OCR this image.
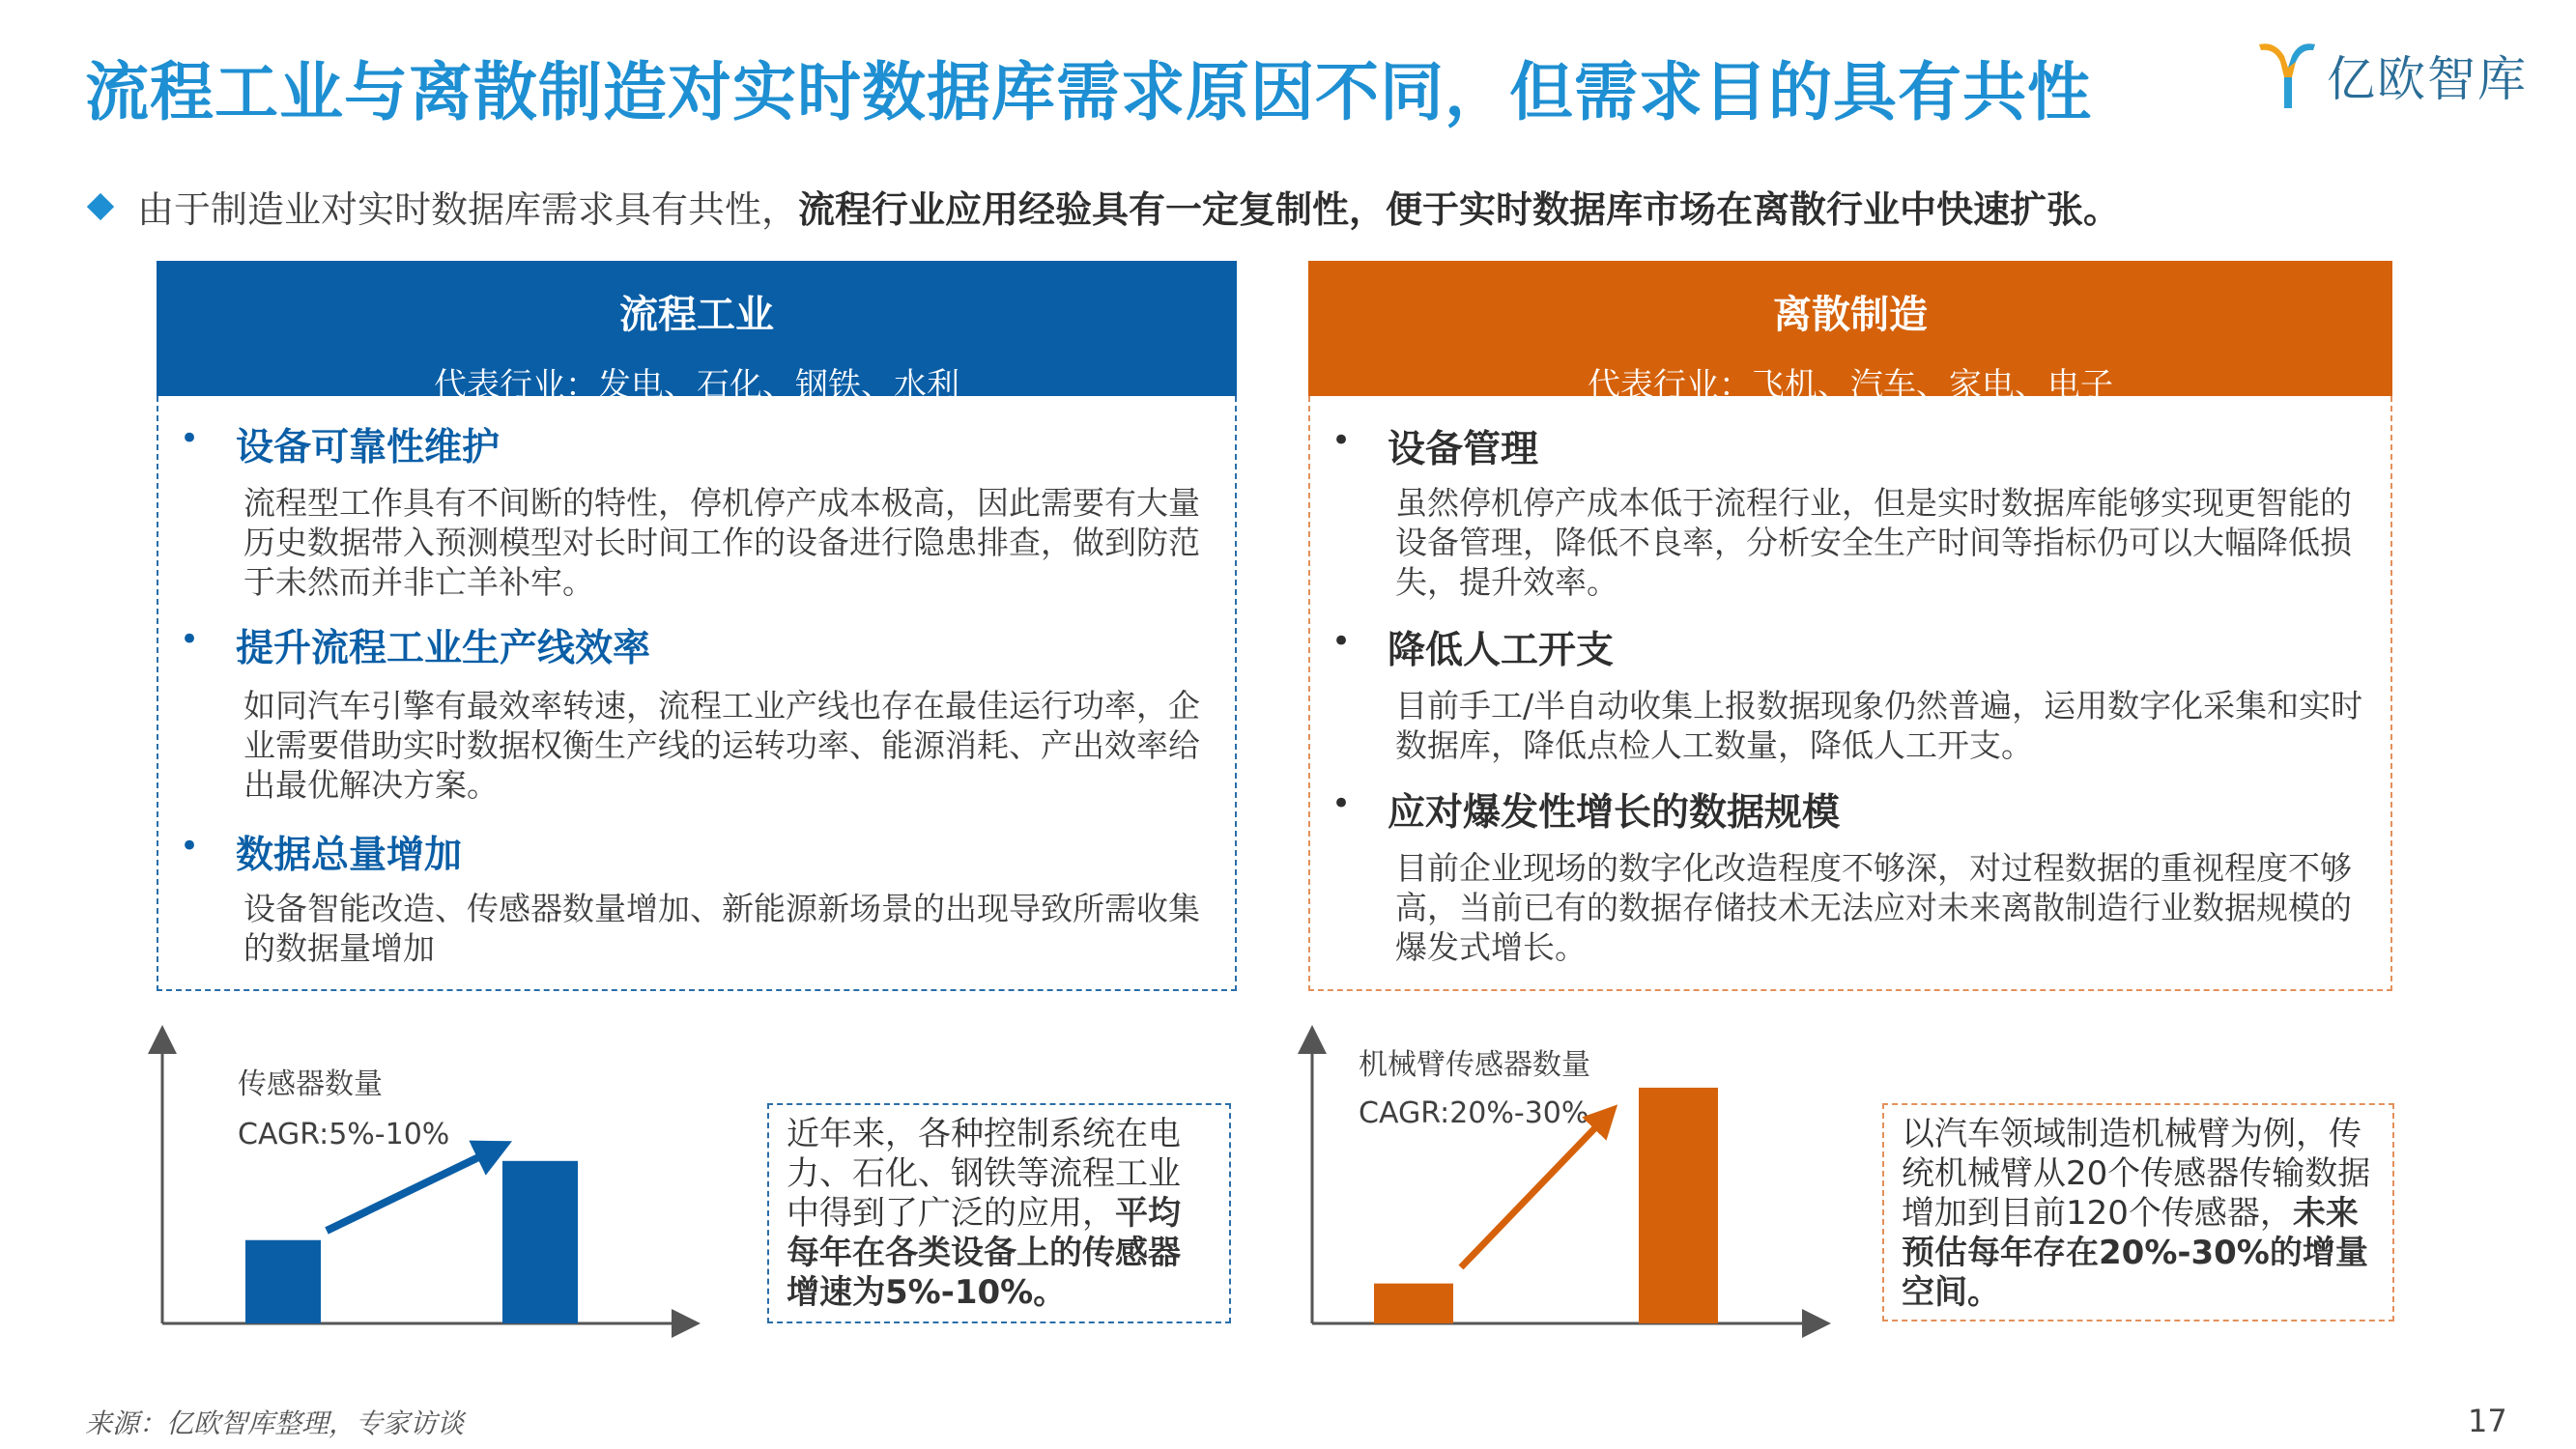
流程工业与离散制造对实时数据库需求原因不同，但需求目的具有共性	亿欧智库
由于制造业对实时数据库需求具有共性， 流程行业应用经验具有一定复制性，便于实时数据库市场在离散行业中快速扩张。
流程工业
代表行业：发电、石化、钢铁、水利
• 设备可靠性维护
流程型工作具有不间断的特性，停机停产成本极高，因此需要有大量历史数据带入预测模型对长时间工作的设备进行隐患排查，做到防范于未然而并非亡羊补牢。
• 提升流程工业生产线效率
如同汽车引擎有最效率转速，流程工业产线也存在最佳运行功率，企业需要借助实时数据权衡生产线的运转功率、能源消耗、产出效率给出最优解决方案。
• 数据总量增加
设备智能改造、传感器数量增加、新能源新场景的出现导致所需收集的数据量增加
离散制造
代表行业：飞机、汽车、家电、电子
• 设备管理
虽然停机停产成本低于流程行业，但是实时数据库能够实现更智能的设备管理，降低不良率，分析安全生产时间等指标仍可以大幅降低损失，提升效率。
• 降低人工开支
目前手工/半自动收集上报数据现象仍然普遍，运用数字化采集和实时数据库，降低点检人工数量，降低人工开支。
• 应对爆发性增长的数据规模
目前企业现场的数字化改造程度不够深，对过程数据的重视程度不够高，当前已有的数据存储技术无法应对未来离散制造行业数据规模的爆发式增长。
传感器数量
CAGR:5%-10%	近年来，各种控制系统在电力、石化、钢铁等流程工业中得到了广泛的应用，平均每年在各类设备上的传感器增速为5%-10%。
机械臂传感器数量
CAGR:20%-30%
以汽车领域制造机械臂为例，传统机械臂从20个传感器传输数据增加到目前120个传感器，未来预估每年存在20%-30%的增量空间。
来源：亿欧智库整理，专家访谈	17
